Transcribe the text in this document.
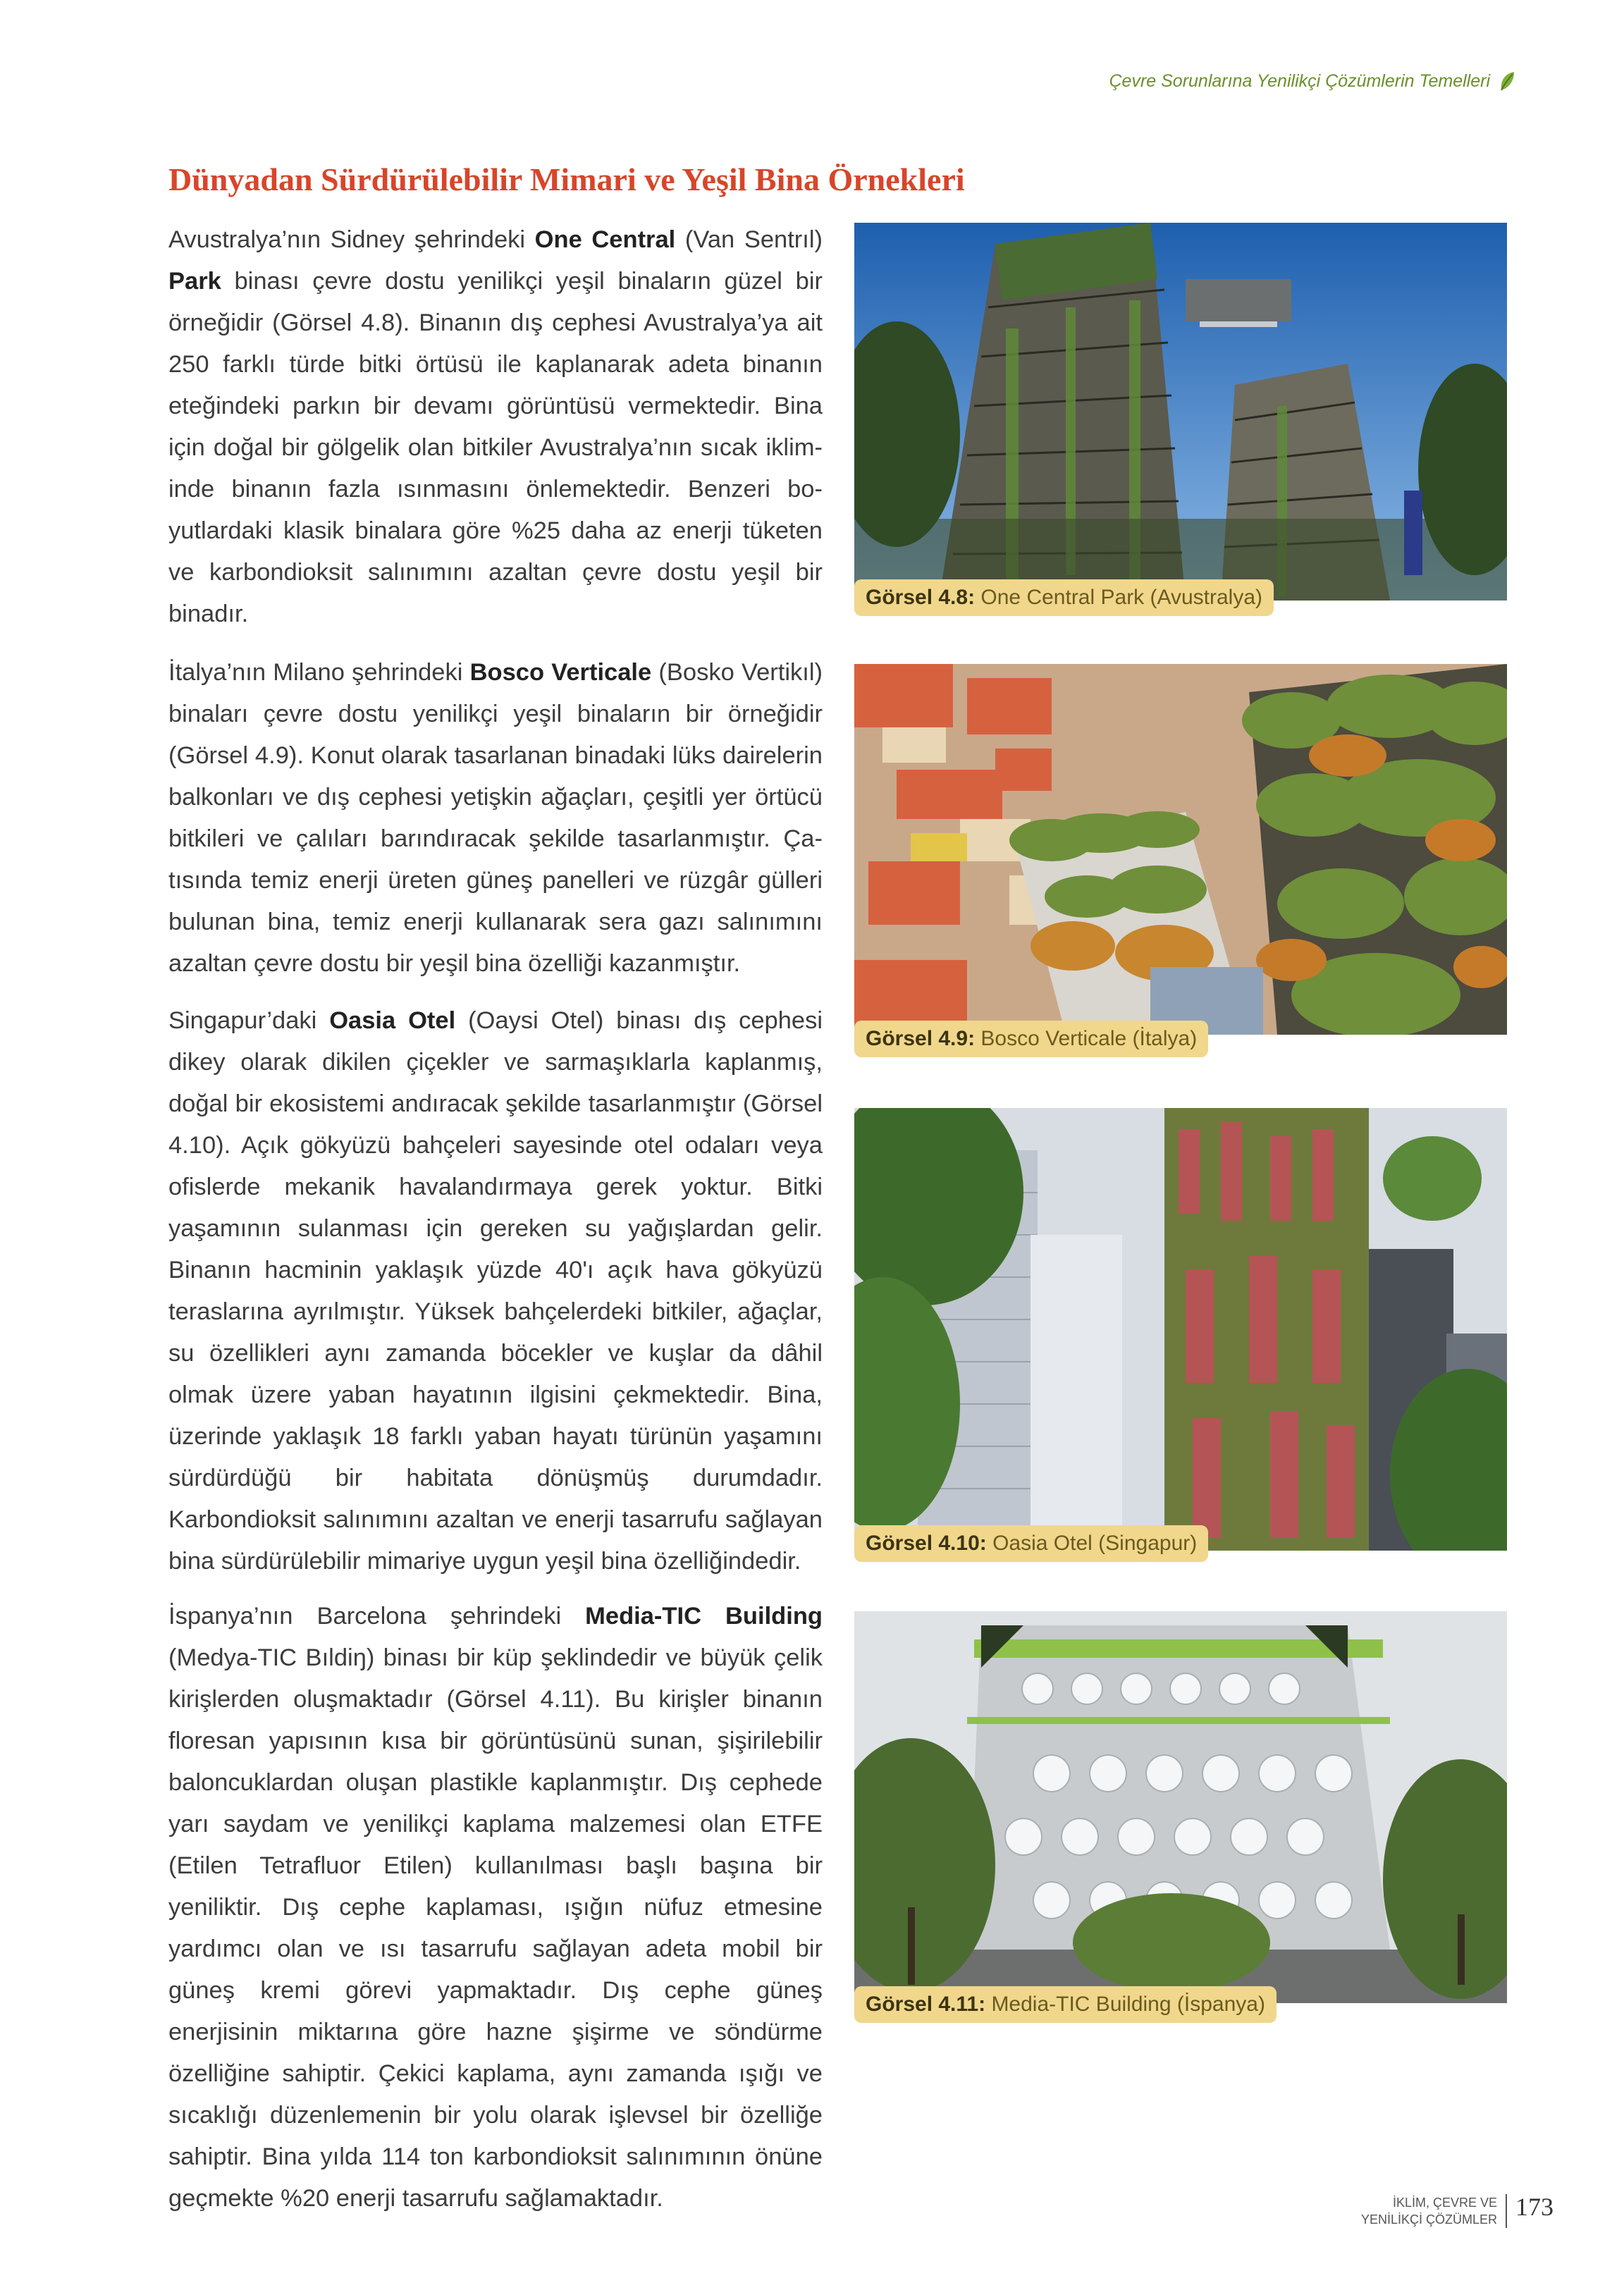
Çevre Sorunlarına Yenilikçi Çözümlerin Temelleri
Dünyadan Sürdürülebilir Mimari ve Yeşil Bina Örnekleri

Avustralya’nın Sidney şehrindeki One Central (Van Sentrıl) Park binası çevre dostu yenilikçi yeşil binaların güzel bir örneğidir (Görsel 4.8). Binanın dış cephesi Avustralya’ya ait 250 farklı türde bitki örtüsü ile kaplanarak adeta binanın eteğindeki parkın bir devamı görüntüsü vermektedir. Bina için doğal bir gölgelik olan bitkiler Avustralya’nın sıcak ikliminde binanın fazla ısınmasını önlemektedir. Benzeri boyutlardaki klasik binalara göre %25 daha az enerji tüketen ve karbondioksit salınımını azaltan çevre dostu yeşil bir binadır.

İtalya’nın Milano şehrindeki Bosco Verticale (Bosko Vertikıl) binaları çevre dostu yenilikçi yeşil binaların bir örneğidir (Görsel 4.9). Konut olarak tasarlanan binadaki lüks dairelerin balkonları ve dış cephesi yetişkin ağaçları, çeşitli yer örtücü bitkileri ve çalıları barındıracak şekilde tasarlanmıştır. Çatısında temiz enerji üreten güneş panelleri ve rüzgâr gülleri bulunan bina, temiz enerji kullanarak sera gazı salınımını azaltan çevre dostu bir yeşil bina özelliği kazanmıştır.

Singapur’daki Oasia Otel (Oaysi Otel) binası dış cephesi dikey olarak dikilen çiçekler ve sarmaşıklarla kaplanmış, doğal bir ekosistemi andıracak şekilde tasarlanmıştır (Görsel 4.10). Açık gökyüzü bahçeleri sayesinde otel odaları veya ofislerde mekanik havalandırmaya gerek yoktur. Bitki yaşamının sulanması için gereken su yağışlardan gelir. Binanın hacminin yaklaşık yüzde 40'ı açık hava gökyüzü teraslarına ayrılmıştır. Yüksek bahçelerdeki bitkiler, ağaçlar, su özellikleri aynı zamanda böcekler ve kuşlar da dâhil olmak üzere yaban hayatının ilgisini çekmektedir. Bina, üzerinde yaklaşık 18 farklı yaban hayatı türünün yaşamını sürdürdüğü bir habitata dönüşmüş durumdadır. Karbondioksit salınımını azaltan ve enerji tasarrufu sağlayan bina sürdürülebilir mimariye uygun yeşil bina özelliğindedir.

İspanya’nın Barcelona şehrindeki Media-TIC Building (Medya-TIC Bıldiŋ) binası bir küp şeklindedir ve büyük çelik kirişlerden oluşmaktadır (Görsel 4.11). Bu kirişler binanın floresan yapısının kısa bir görüntüsünü sunan, şişirilebilir baloncuklardan oluşan plastikle kaplanmıştır. Dış cephede yarı saydam ve yenilikçi kaplama malzemesi olan ETFE (Etilen Tetrafluor Etilen) kullanılması başlı başına bir yeniliktir. Dış cephe kaplaması, ışığın nüfuz etmesine yardımcı olan ve ısı tasarrufu sağlayan adeta mobil bir güneş kremi görevi yapmaktadır. Dış cephe güneş enerjisinin miktarına göre hazne şişirme ve söndürme özelliğine sahiptir. Çekici kaplama, aynı zamanda ışığı ve sıcaklığı düzenlemenin bir yolu olarak işlevsel bir özelliğe sahiptir. Bina yılda 114 ton karbondioksit salınımının önüne geçmekte %20 enerji tasarrufu sağlamaktadır.

Görsel 4.8: One Central Park (Avustralya)
Görsel 4.9: Bosco Verticale (İtalya)
Görsel 4.10: Oasia Otel (Singapur)
Görsel 4.11: Media-TIC Building (İspanya)
İKLİM, ÇEVRE VE
YENİLİKÇİ ÇÖZÜMLER 173
